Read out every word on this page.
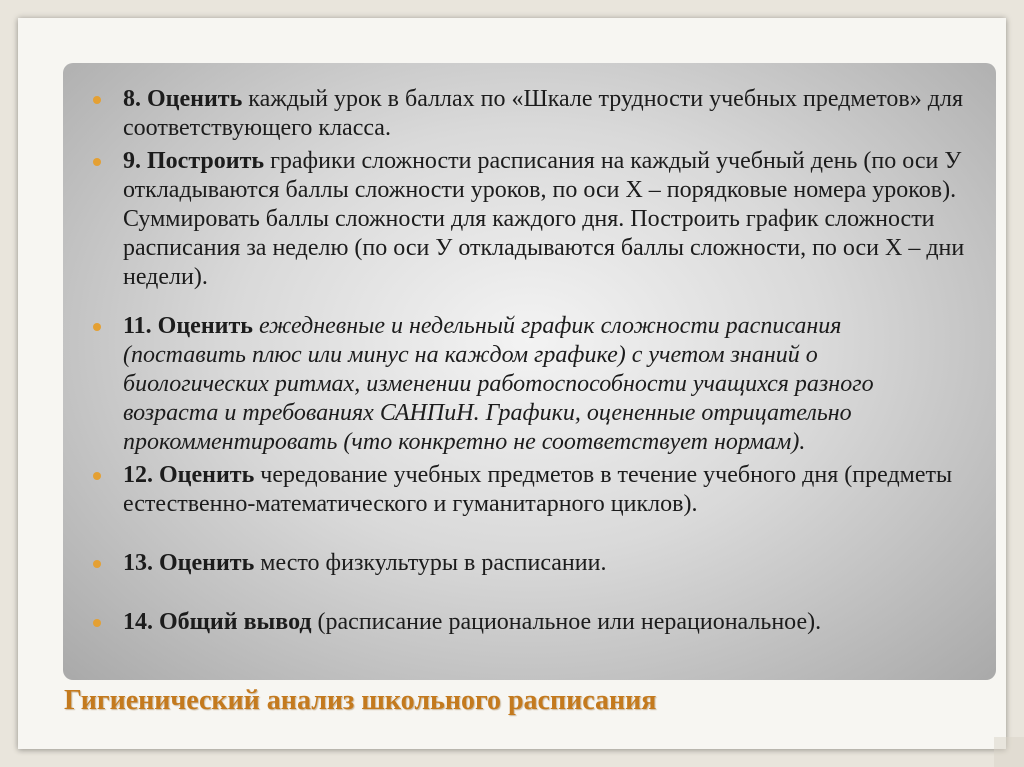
8. Оценить каждый урок в баллах по «Шкале трудности учебных предметов» для соответствующего класса.
9. Построить графики сложности расписания на каждый учебный день (по оси У откладываются баллы сложности уроков, по оси Х – порядковые номера уроков). Суммировать баллы сложности для каждого дня. Построить график сложности расписания за неделю (по оси У откладываются баллы сложности, по оси Х – дни недели).
11. Оценить ежедневные и недельный график сложности расписания (поставить плюс или минус на каждом графике) с учетом знаний о биологических ритмах, изменении работоспособности учащихся разного возраста и требованиях САНПиН. Графики, оцененные отрицательно прокомментировать (что конкретно не соответствует нормам).
12. Оценить чередование учебных предметов в течение учебного дня (предметы естественно-математического и гуманитарного циклов).
13. Оценить место физкультуры в расписании.
14. Общий вывод (расписание рациональное или нерациональное).
Гигиенический анализ школьного расписания
